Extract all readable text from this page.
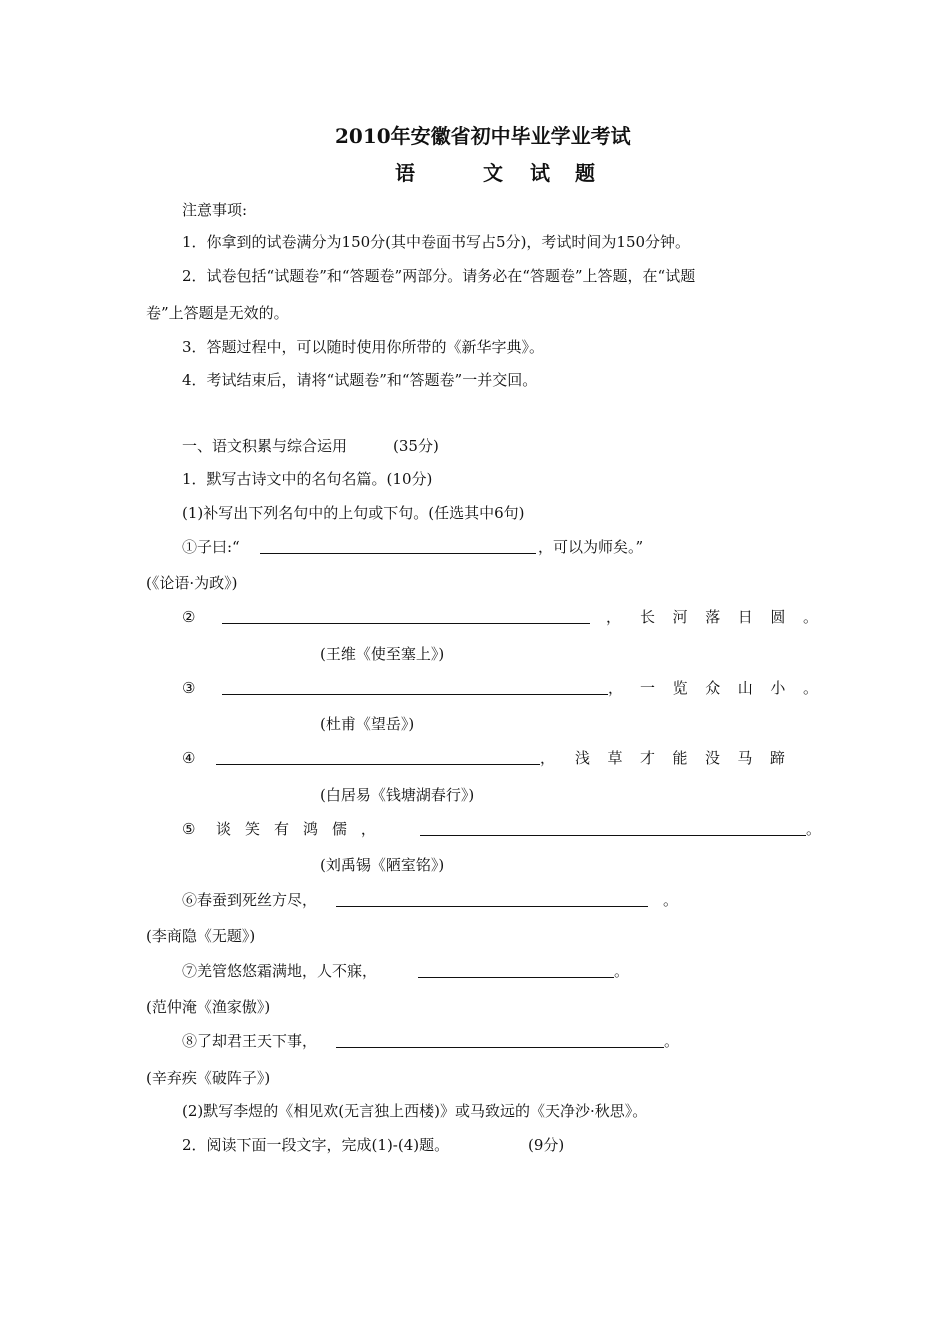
2010年安徽省初中毕业学业考试
语	文 试 题
注意事项:
1．你拿到的试卷满分为150分(其中卷面书写占5分)，考试时间为150分钟。
2．试卷包括“试题卷”和“答题卷”两部分。请务必在“答题卷”上答题，在“试题
卷”上答题是无效的。
3．答题过程中，可以随时使用你所带的《新华字典》。
4．考试结束后，请将“试题卷”和“答题卷”一并交回。
一、语文积累与综合运用	(35分)
1．默写古诗文中的名句名篇。(10分)
(1)补写出下列名句中的上句或下句。(任选其中6句)
①子曰:“	，可以为师矣。”
(《论语·为政》)
②	， 长 河 落 日 圆 。
(王维《使至塞上》)
③	， 一 览 众 山 小 。
(杜甫《望岳》)
④	， 浅 草 才 能 没 马 蹄
(白居易《钱塘湖春行》)
⑤ 谈 笑 有 鸿 儒 ，	。
(刘禹锡《陋室铭》)
⑥春蚕到死丝方尽，	。
(李商隐《无题》)
⑦羌管悠悠霜满地，人不寐，	。
(范仲淹《渔家傲》)
⑧了却君王天下事，	。
(辛弃疾《破阵子》)
(2)默写李煜的《相见欢(无言独上西楼)》或马致远的《天净沙·秋思》。
2．阅读下面一段文字，完成(1)-(4)题。	(9分)
